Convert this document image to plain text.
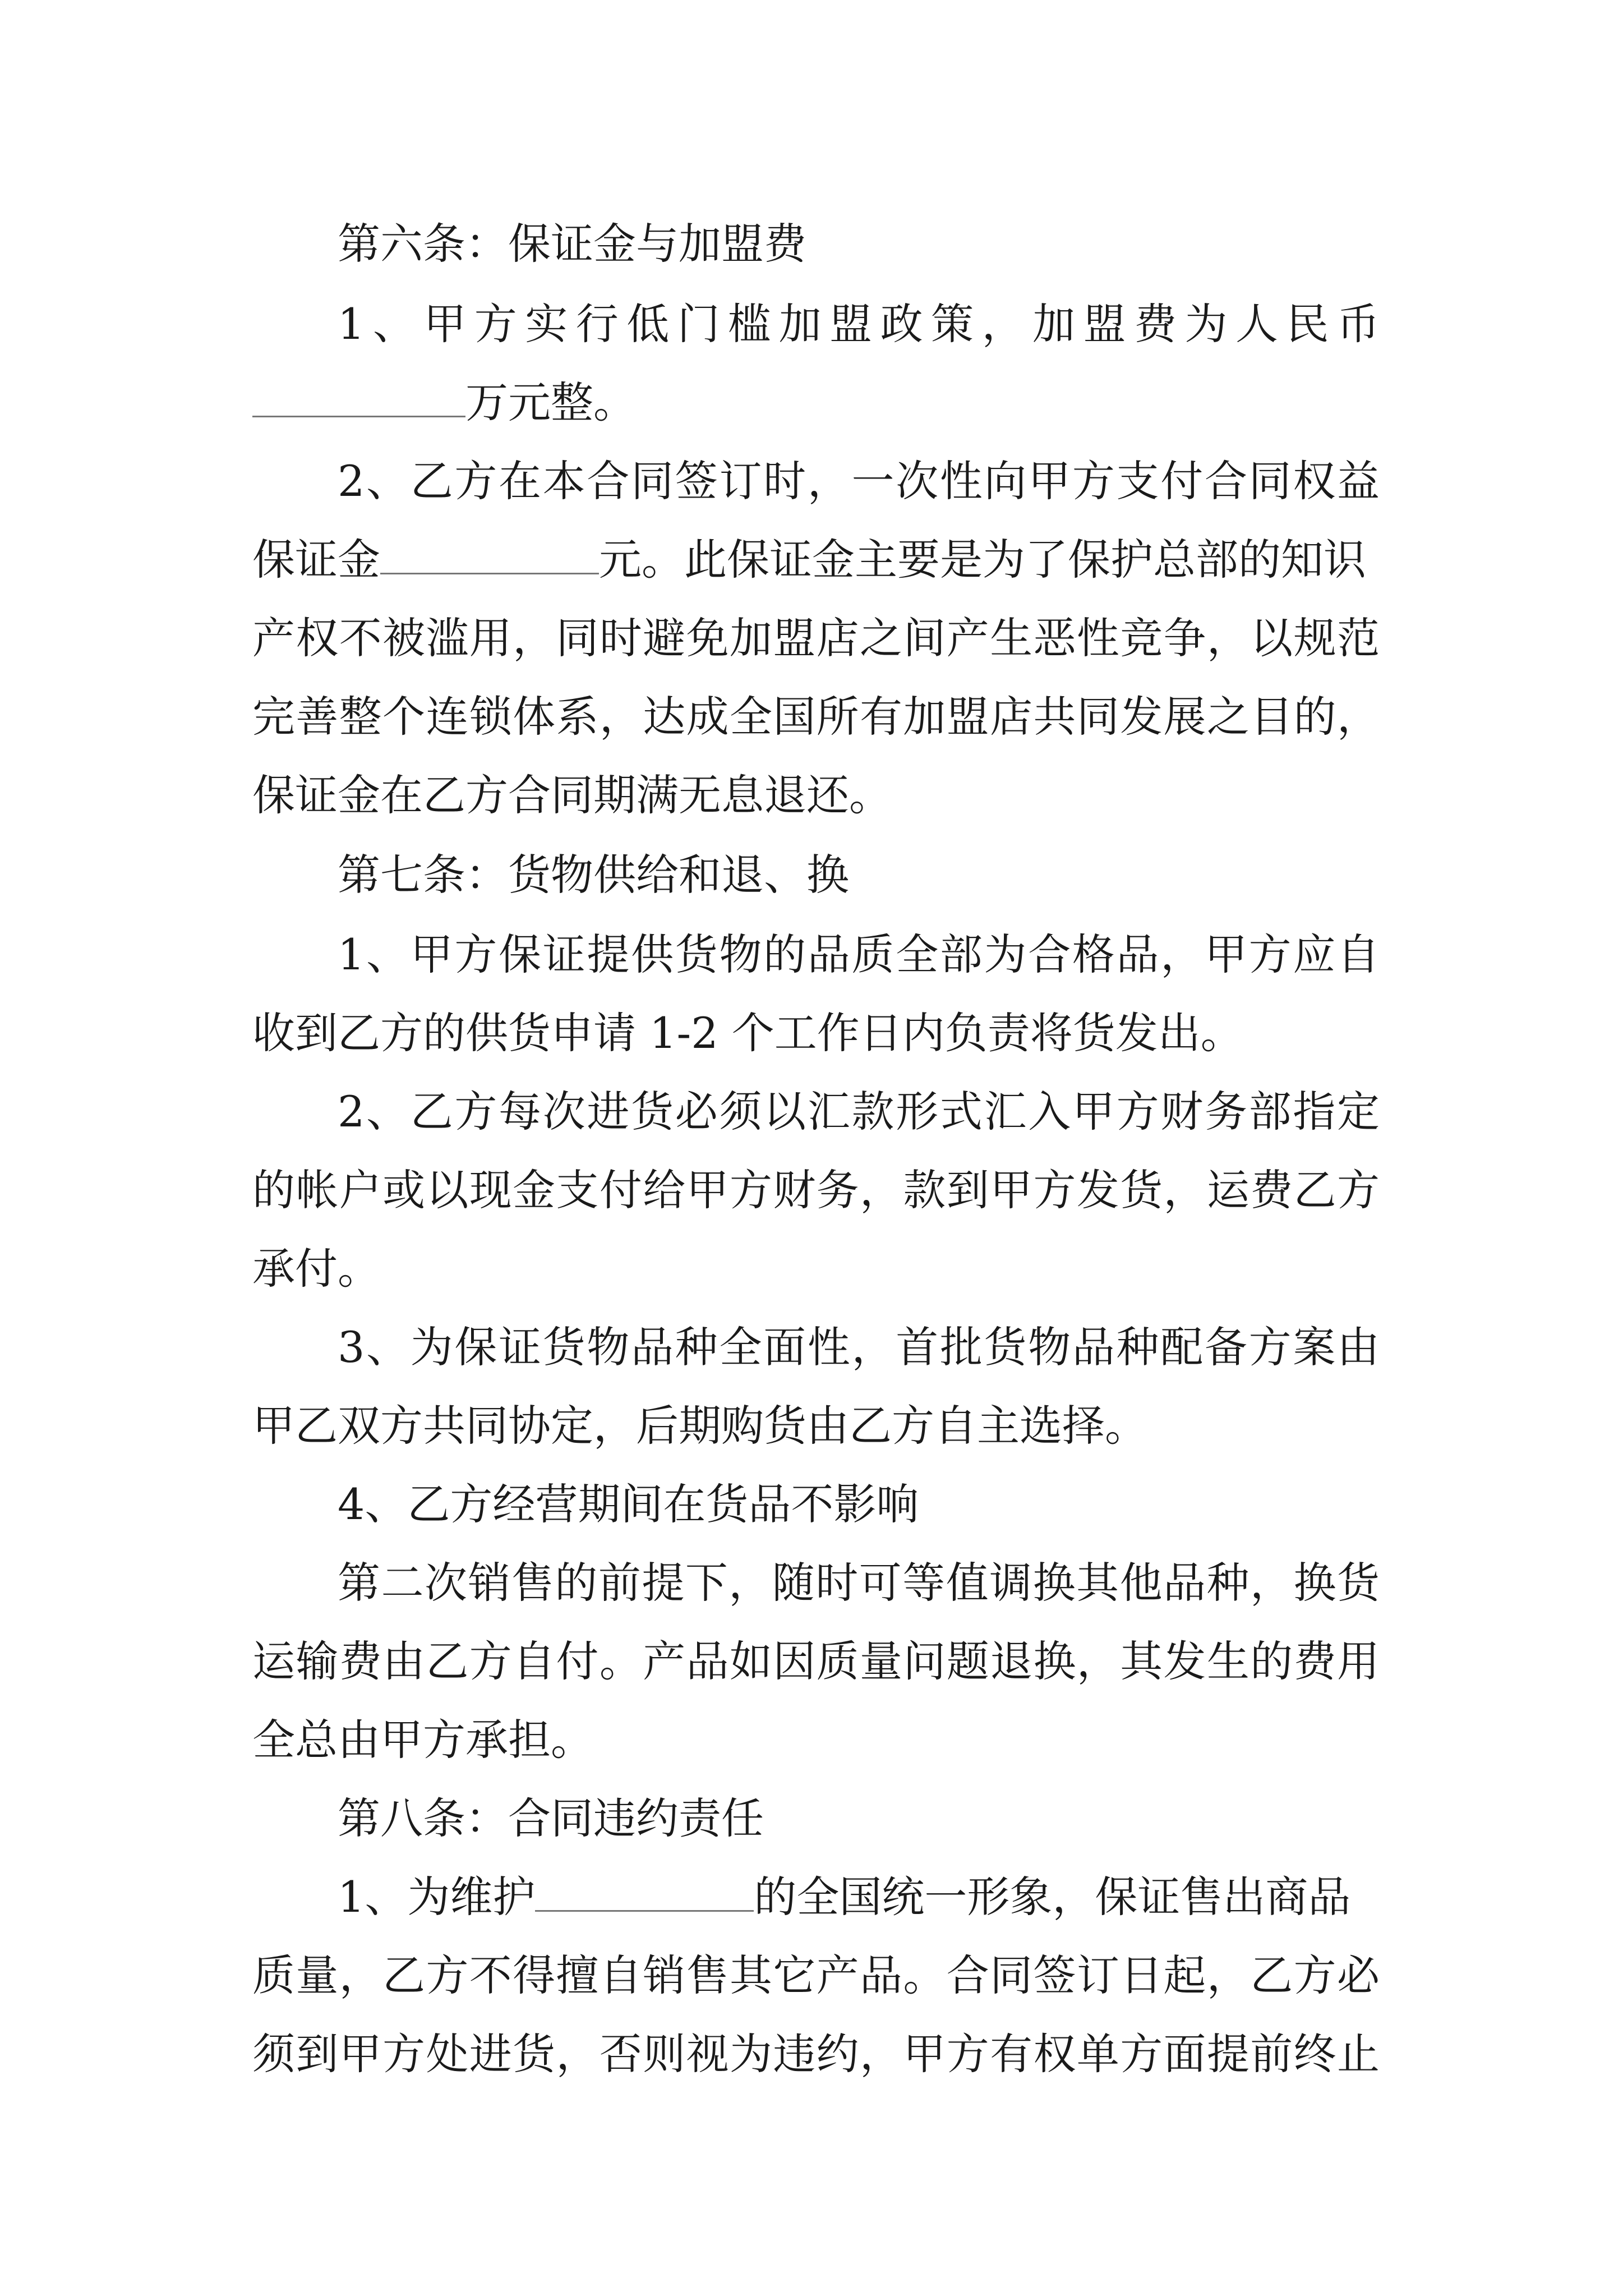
第六条：保证金与加盟费
1、甲方实行低门槛加盟政策，加盟费为人民币
万元整。
2、乙方在本合同签订时，一次性向甲方支付合同权益
保证金	元。此保证金主要是为了保护总部的知识
产权不被滥用，同时避免加盟店之间产生恶性竞争，以规范
完善整个连锁体系，达成全国所有加盟店共同发展之目的，
保证金在乙方合同期满无息退还。
第七条：货物供给和退、换
1、甲方保证提供货物的品质全部为合格品，甲方应自
收到乙方的供货申请 1-2 个工作日内负责将货发出。
2、乙方每次进货必须以汇款形式汇入甲方财务部指定
的帐户或以现金支付给甲方财务，款到甲方发货，运费乙方
承付。
3、为保证货物品种全面性，首批货物品种配备方案由
甲乙双方共同协定，后期购货由乙方自主选择。
4、乙方经营期间在货品不影响
第二次销售的前提下，随时可等值调换其他品种，换货
运输费由乙方自付。产品如因质量问题退换，其发生的费用
全总由甲方承担。
第八条：合同违约责任
1、为维护	的全国统一形象，保证售出商品
质量，乙方不得擅自销售其它产品。合同签订日起，乙方必
须到甲方处进货，否则视为违约，甲方有权单方面提前终止
